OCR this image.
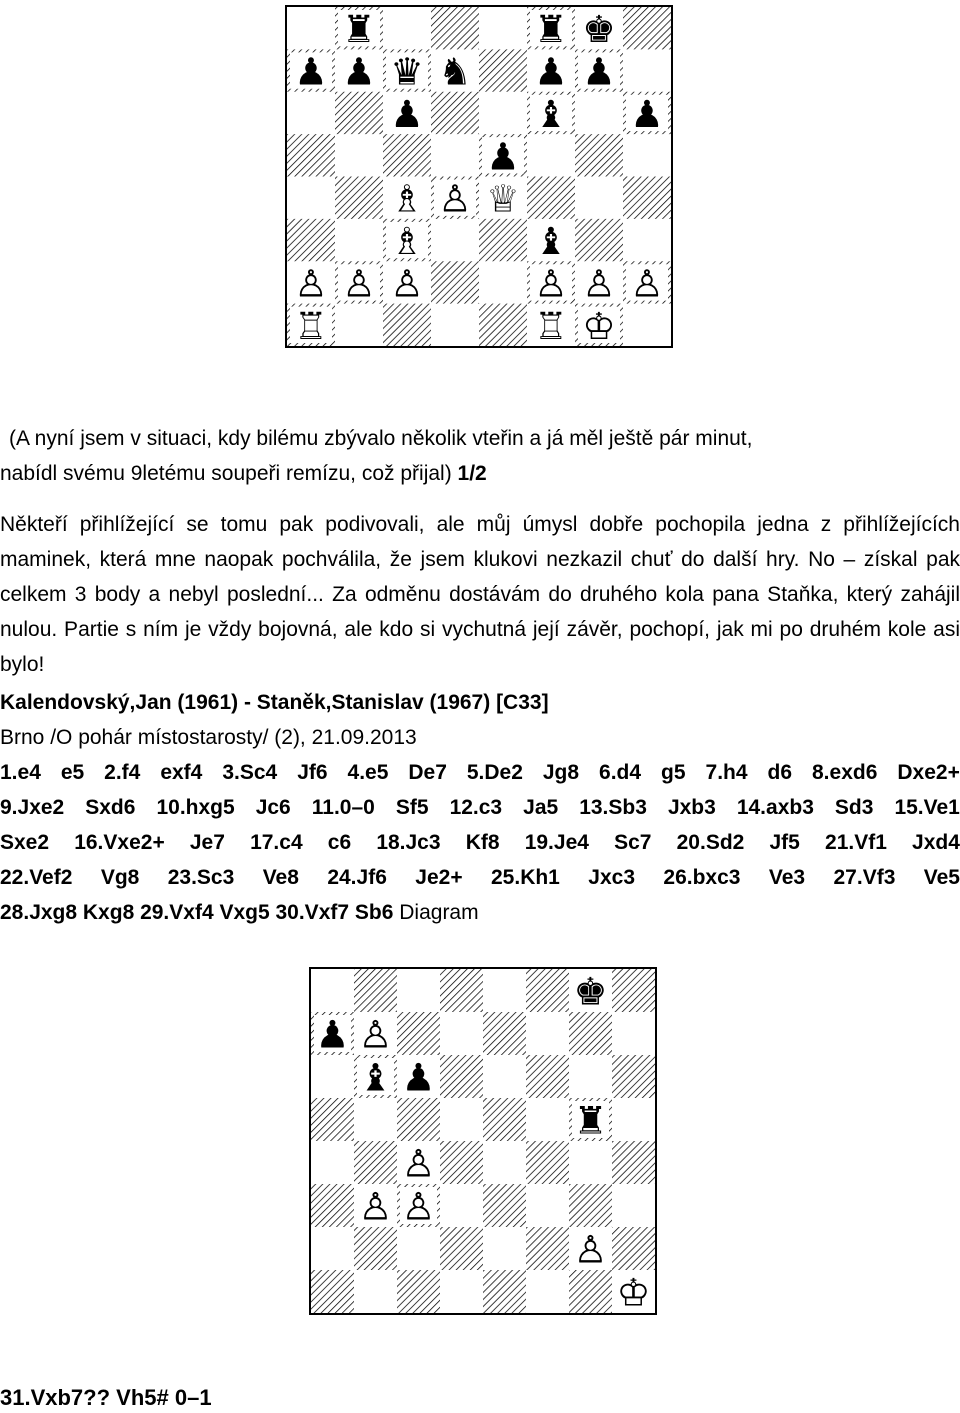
♜	♜ ♚
♟ ♟ ♛ ♞ ♟ ♟
♟	♝ ♟
♟
♗ ♙ ♕
♗	♝
♙ ♙ ♙	♙ ♙ ♙
♖	♖ ♔

(A nyní jsem v situaci, kdy bilému zbývalo několik vteřin a já měl ještě pár minut,

nabídl svému 9letému soupeři remízu, což přijal) 1/2

Někteří přihlížející se tomu pak podivovali, ale můj úmysl dobře pochopila jedna z přihlížejících maminek, která mne naopak pochválila, že jsem klukovi nezkazil chuť do další hry. No – získal pak celkem 3 body a nebyl poslední... Za odměnu dostávám do druhého kola pana Staňka, který zahájil nulou. Partie s ním je vždy bojovná, ale kdo si vychutná její závěr, pochopí, jak mi po druhém kole asi bylo!

Kalendovský,Jan (1961) - Staněk,Stanislav (1967) [C33]
Brno /O pohár místostarosty/ (2), 21.09.2013
1.e4 e5 2.f4 exf4 3.Sc4 Jf6 4.e5 De7 5.De2 Jg8 6.d4 g5 7.h4 d6 8.exd6 Dxe2+
9.Jxe2 Sxd6 10.hxg5 Jc6 11.0–0 Sf5 12.c3 Ja5 13.Sb3 Jxb3 14.axb3 Sd3 15.Ve1
Sxe2 16.Vxe2+ Je7 17.c4 c6 18.Jc3 Kf8 19.Je4 Sc7 20.Sd2 Jf5 21.Vf1 Jxd4
22.Vef2 Vg8 23.Sc3 Ve8 24.Jf6 Je2+ 25.Kh1 Jxc3 26.bxc3 Ve3 27.Vf3 Ve5
28.Jxg8 Kxg8 29.Vxf4 Vxg5 30.Vxf7 Sb6 Diagram
♚
♟ ♙
♝ ♟
♜
♙
♙ ♙
♙
♔
31.Vxb7?? Vh5# 0–1
